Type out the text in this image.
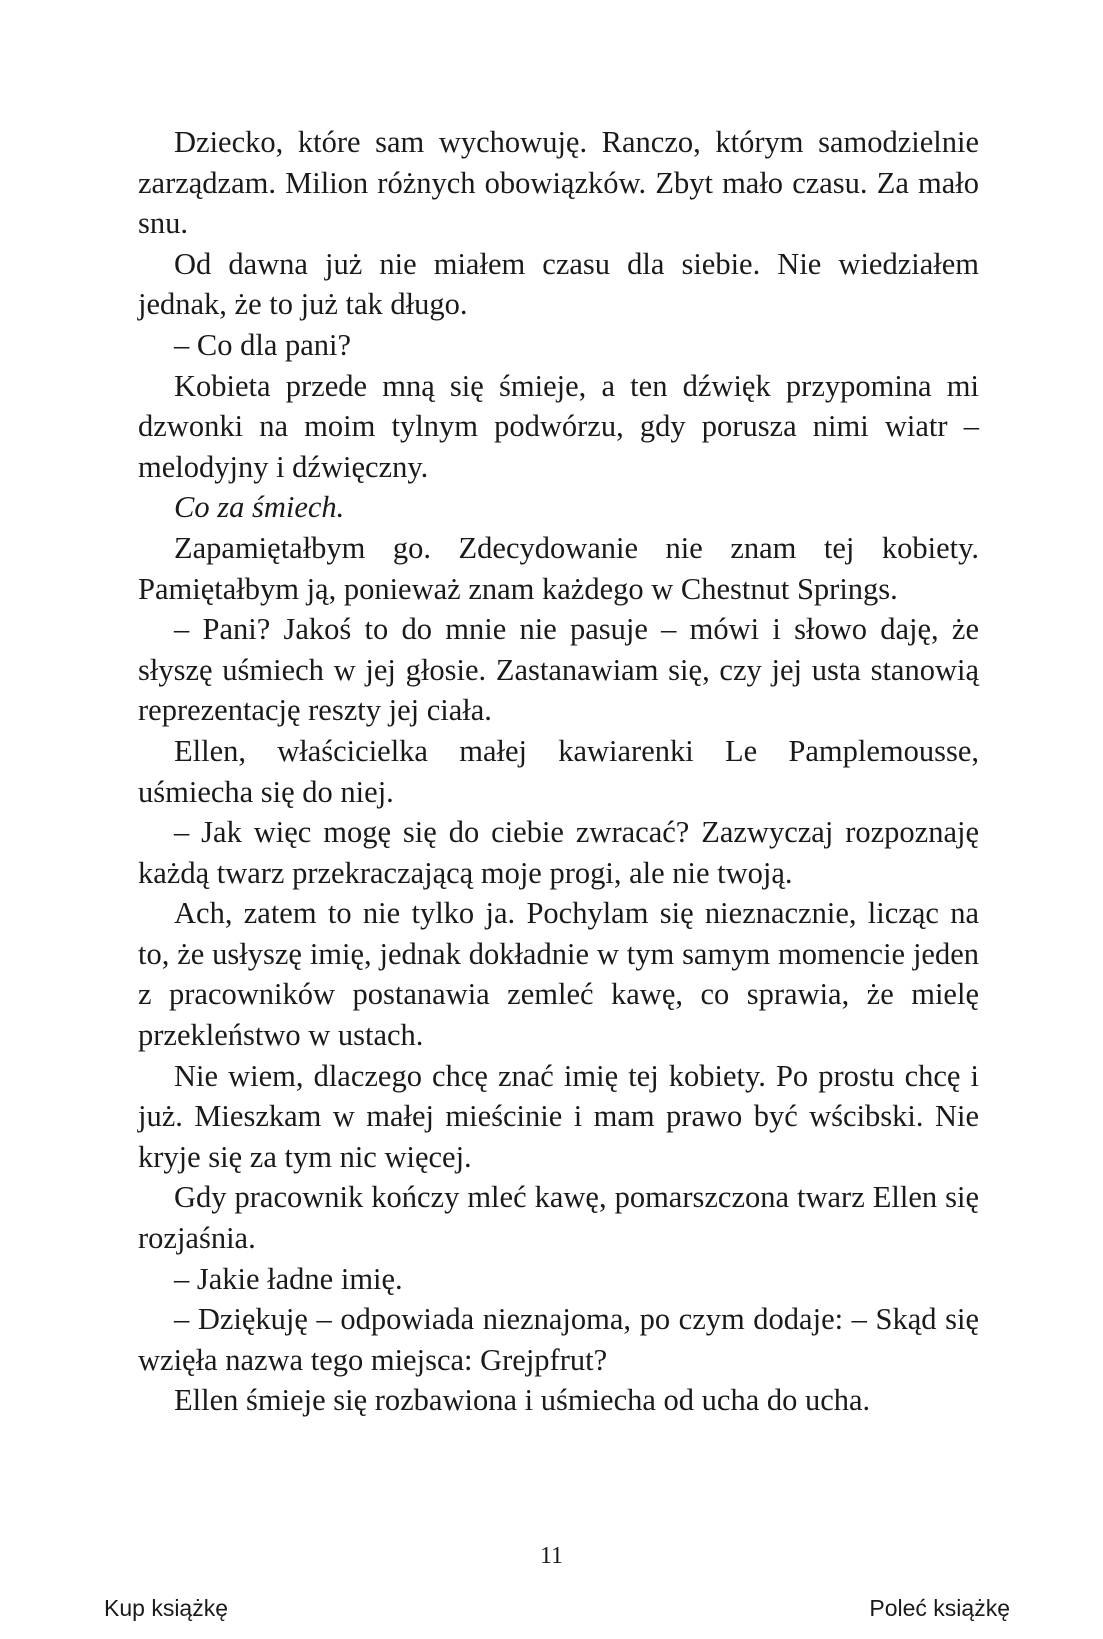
Dziecko, które sam wychowuję. Ranczo, którym samodzielnie zarządzam. Milion różnych obowiązków. Zbyt mało czasu. Za mało snu.

Od dawna już nie miałem czasu dla siebie. Nie wiedziałem jednak, że to już tak długo.

– Co dla pani?

Kobieta przede mną się śmieje, a ten dźwięk przypomina mi dzwonki na moim tylnym podwórzu, gdy porusza nimi wiatr – melodyjny i dźwięczny.

Co za śmiech.

Zapamiętałbym go. Zdecydowanie nie znam tej kobiety. Pamiętałbym ją, ponieważ znam każdego w Chestnut Springs.

– Pani? Jakoś to do mnie nie pasuje – mówi i słowo daję, że słyszę uśmiech w jej głosie. Zastanawiam się, czy jej usta stanowią reprezentację reszty jej ciała.

Ellen, właścicielka małej kawiarenki Le Pamplemousse, uśmiecha się do niej.

– Jak więc mogę się do ciebie zwracać? Zazwyczaj rozpoznaję każdą twarz przekraczającą moje progi, ale nie twoją.

Ach, zatem to nie tylko ja. Pochylam się nieznacznie, licząc na to, że usłyszę imię, jednak dokładnie w tym samym momencie jeden z pracowników postanawia zemleć kawę, co sprawia, że mielę przekleństwo w ustach.

Nie wiem, dlaczego chcę znać imię tej kobiety. Po prostu chcę i już. Mieszkam w małej mieścinie i mam prawo być wścibski. Nie kryje się za tym nic więcej.

Gdy pracownik kończy mleć kawę, pomarszczona twarz Ellen się rozjaśnia.

– Jakie ładne imię.

– Dziękuję – odpowiada nieznajoma, po czym dodaje: – Skąd się wzięła nazwa tego miejsca: Grejpfrut?

Ellen śmieje się rozbawiona i uśmiecha od ucha do ucha.

11
Kup książkę	Poleć książkę
